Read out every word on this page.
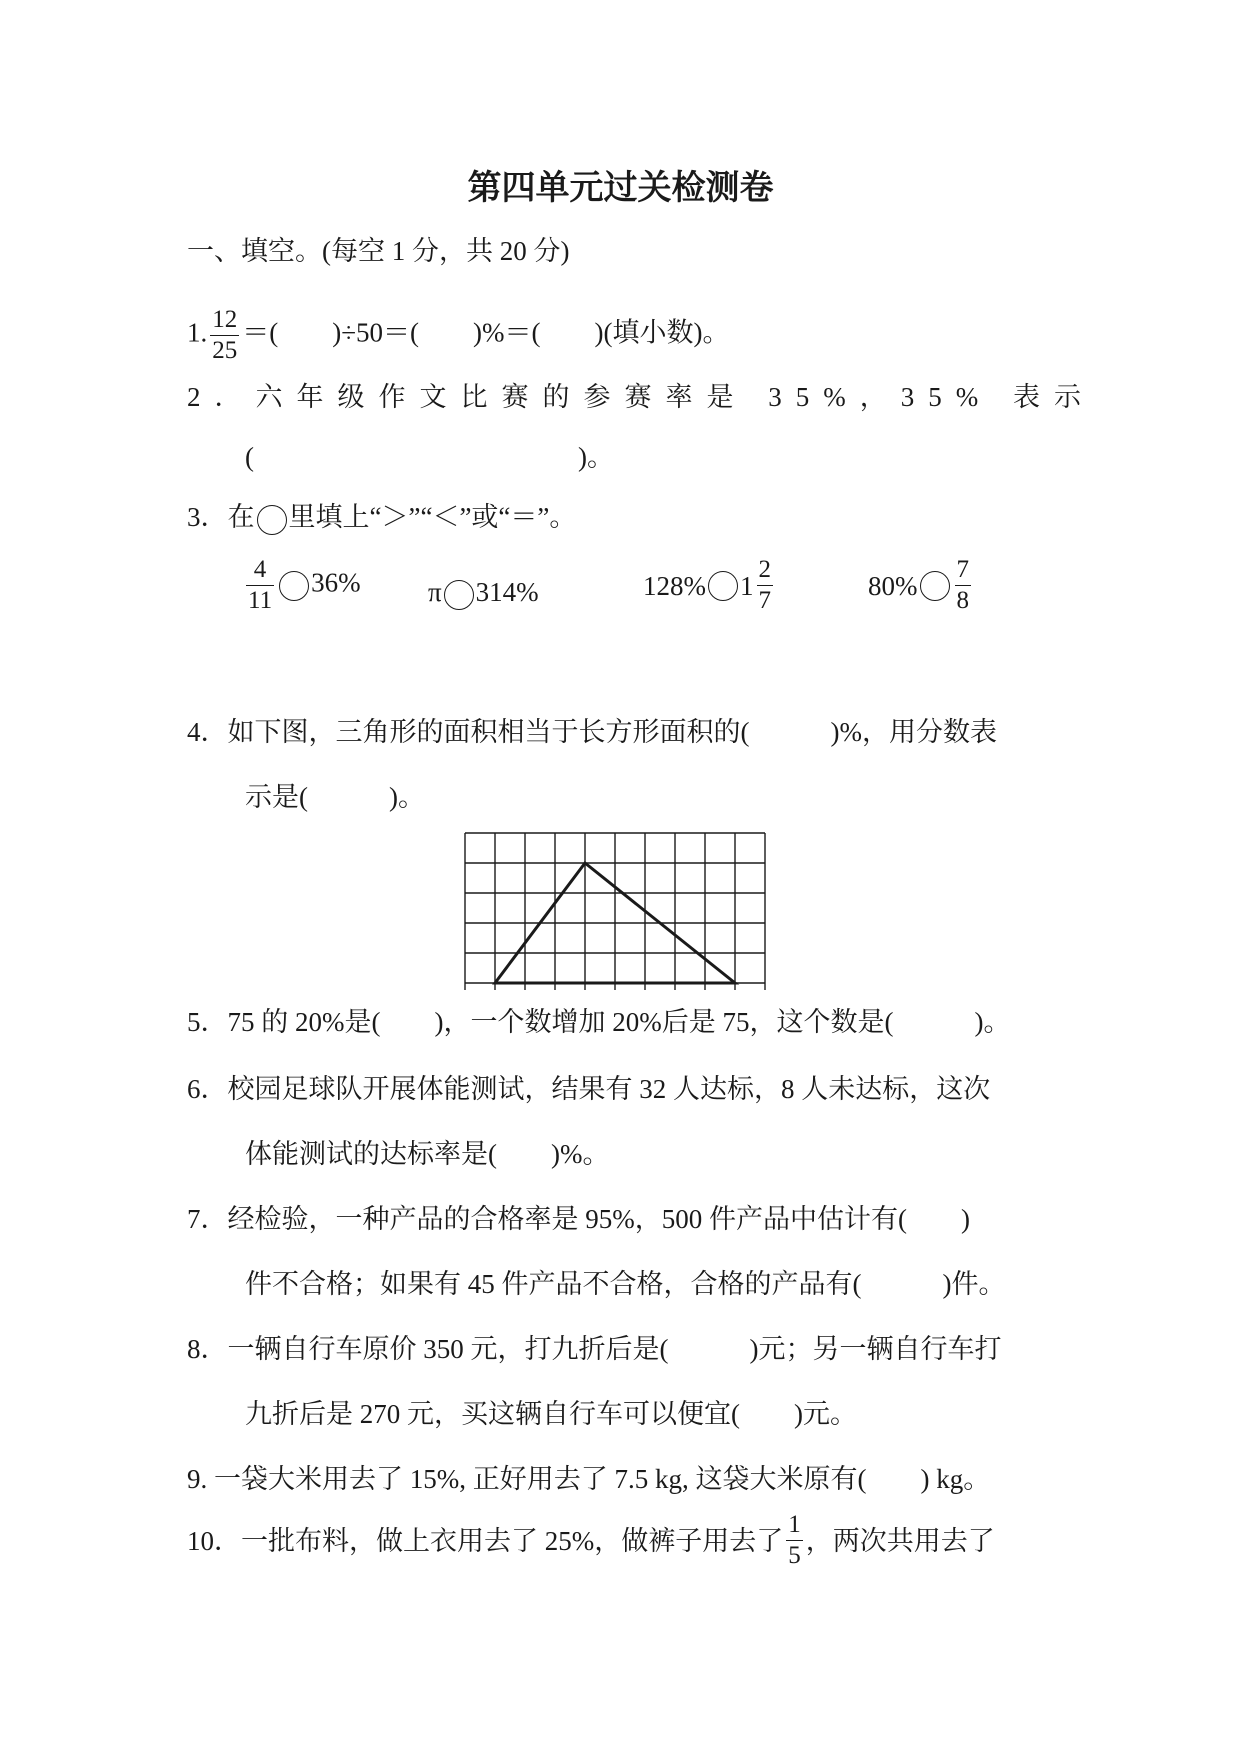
第四单元过关检测卷
一、填空。(每空 1 分，共 20 分)
1. $\frac{12}{25}$ ＝(　　)÷50＝(　　)%＝(　　)(填小数)。
2．六年级作文比赛的参赛率是 35%，35% 表示
(　　　　　　　　　　　　)。
3．在 里填上“＞”“＜”或“＝”。
$\frac{4}{11} 36\%$ π 314%	128% $1 \frac{2}{7}$	$80\% \frac{7}{8}$
4．如下图，三角形的面积相当于长方形面积的(　　　)%，用分数表
示是(　　　)。
5．75 的 20%是(　　)，一个数增加 20%后是 75，这个数是(　　　)。
6．校园足球队开展体能测试，结果有 32 人达标，8 人未达标，这次
体能测试的达标率是(　　)%。
7．经检验，一种产品的合格率是 95%，500 件产品中估计有(　　)
件不合格；如果有 45 件产品不合格，合格的产品有(　　　)件。
8．一辆自行车原价 350 元，打九折后是(　　　)元；另一辆自行车打
九折后是 270 元，买这辆自行车可以便宜(　　)元。
9. 一袋大米用去了 15%, 正好用去了 7.5 kg, 这袋大米原有(　　) kg。
10．一批布料，做上衣用去了 25%，做裤子用去了 $\frac{1}{5}$ ，两次共用去了
